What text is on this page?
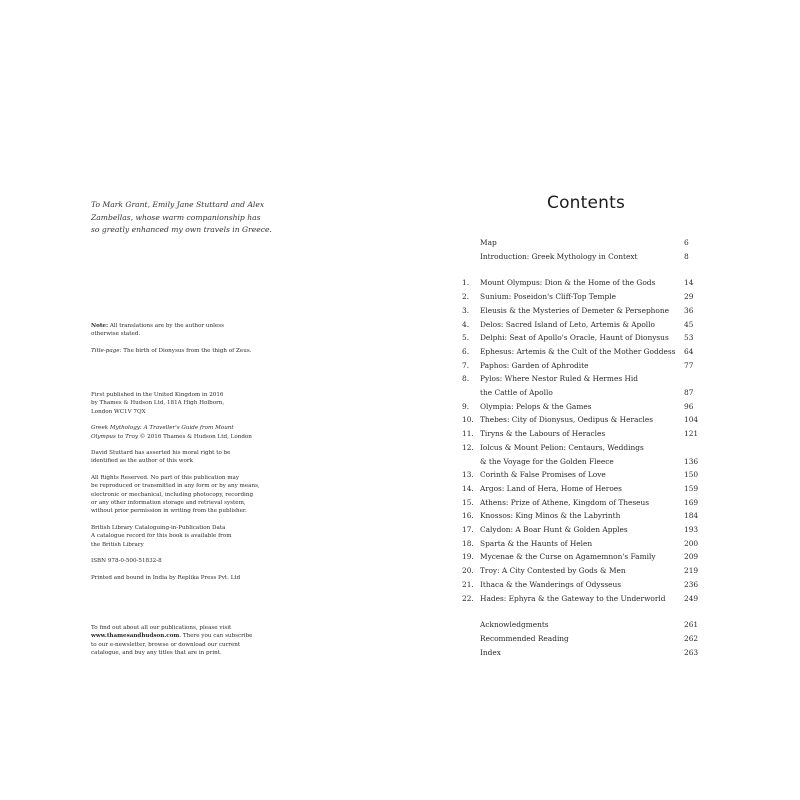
To Mark Grant, Emily Jane Stuttard and Alex
Zambellas, whose warm companionship has
so greatly enhanced my own travels in Greece.

Note: All translations are by the author unless
otherwise stated.

Title-page: The birth of Dionysus from the thigh of Zeus.

First published in the United Kingdom in 2016
by Thames & Hudson Ltd, 181A High Holborn,
London WC1V 7QX
Greek Mythology: A Traveller's Guide from Mount
Olympus to Troy © 2016 Thames & Hudson Ltd, London
David Stuttard has asserted his moral right to be
identified as the author of this work
All Rights Reserved. No part of this publication may
be reproduced or transmitted in any form or by any means,
electronic or mechanical, including photocopy, recording
or any other information storage and retrieval system,
without prior permission in writing from the publisher.
British Library Cataloguing-in-Publication Data
A catalogue record for this book is available from
the British Library
ISBN 978-0-500-51832-8
Printed and bound in India by Replika Press Pvt. Ltd
To find out about all our publications, please visit
www.thamesandhudson.com. There you can subscribe
to our e-newsletter, browse or download our current
catalogue, and buy any titles that are in print.
Contents
Map	6
Introduction: Greek Mythology in Context	8
1.	Mount Olympus: Dion & the Home of the Gods	14
2.	Sunium: Poseidon's Cliff-Top Temple	29
3.	Eleusis & the Mysteries of Demeter & Persephone 36
4.	Delos: Sacred Island of Leto, Artemis & Apollo	45
5.	Delphi: Seat of Apollo's Oracle, Haunt of Dionysus 53
6.	Ephesus: Artemis & the Cult of the Mother Goddess 64
7.	Paphos: Garden of Aphrodite	77
8.	Pylos: Where Nestor Ruled & Hermes Hid
the Cattle of Apollo	87
9.	Olympia: Pelops & the Games	96
10. Thebes: City of Dionysus, Oedipus & Heracles	104
11. Tiryns & the Labours of Heracles	121
12. Iolcus & Mount Pelion: Centaurs, Weddings
& the Voyage for the Golden Fleece	136
13. Corinth & False Promises of Love	150
14. Argos: Land of Hera, Home of Heroes	159
15. Athens: Prize of Athene, Kingdom of Theseus	169
16. Knossos: King Minos & the Labyrinth	184
17. Calydon: A Boar Hunt & Golden Apples	193
18. Sparta & the Haunts of Helen	200
19. Mycenae & the Curse on Agamemnon's Family	209
20. Troy: A City Contested by Gods & Men	219
21. Ithaca & the Wanderings of Odysseus	236
22. Hades: Ephyra & the Gateway to the Underworld	249
Acknowledgments	261
Recommended Reading	262
Index	263
